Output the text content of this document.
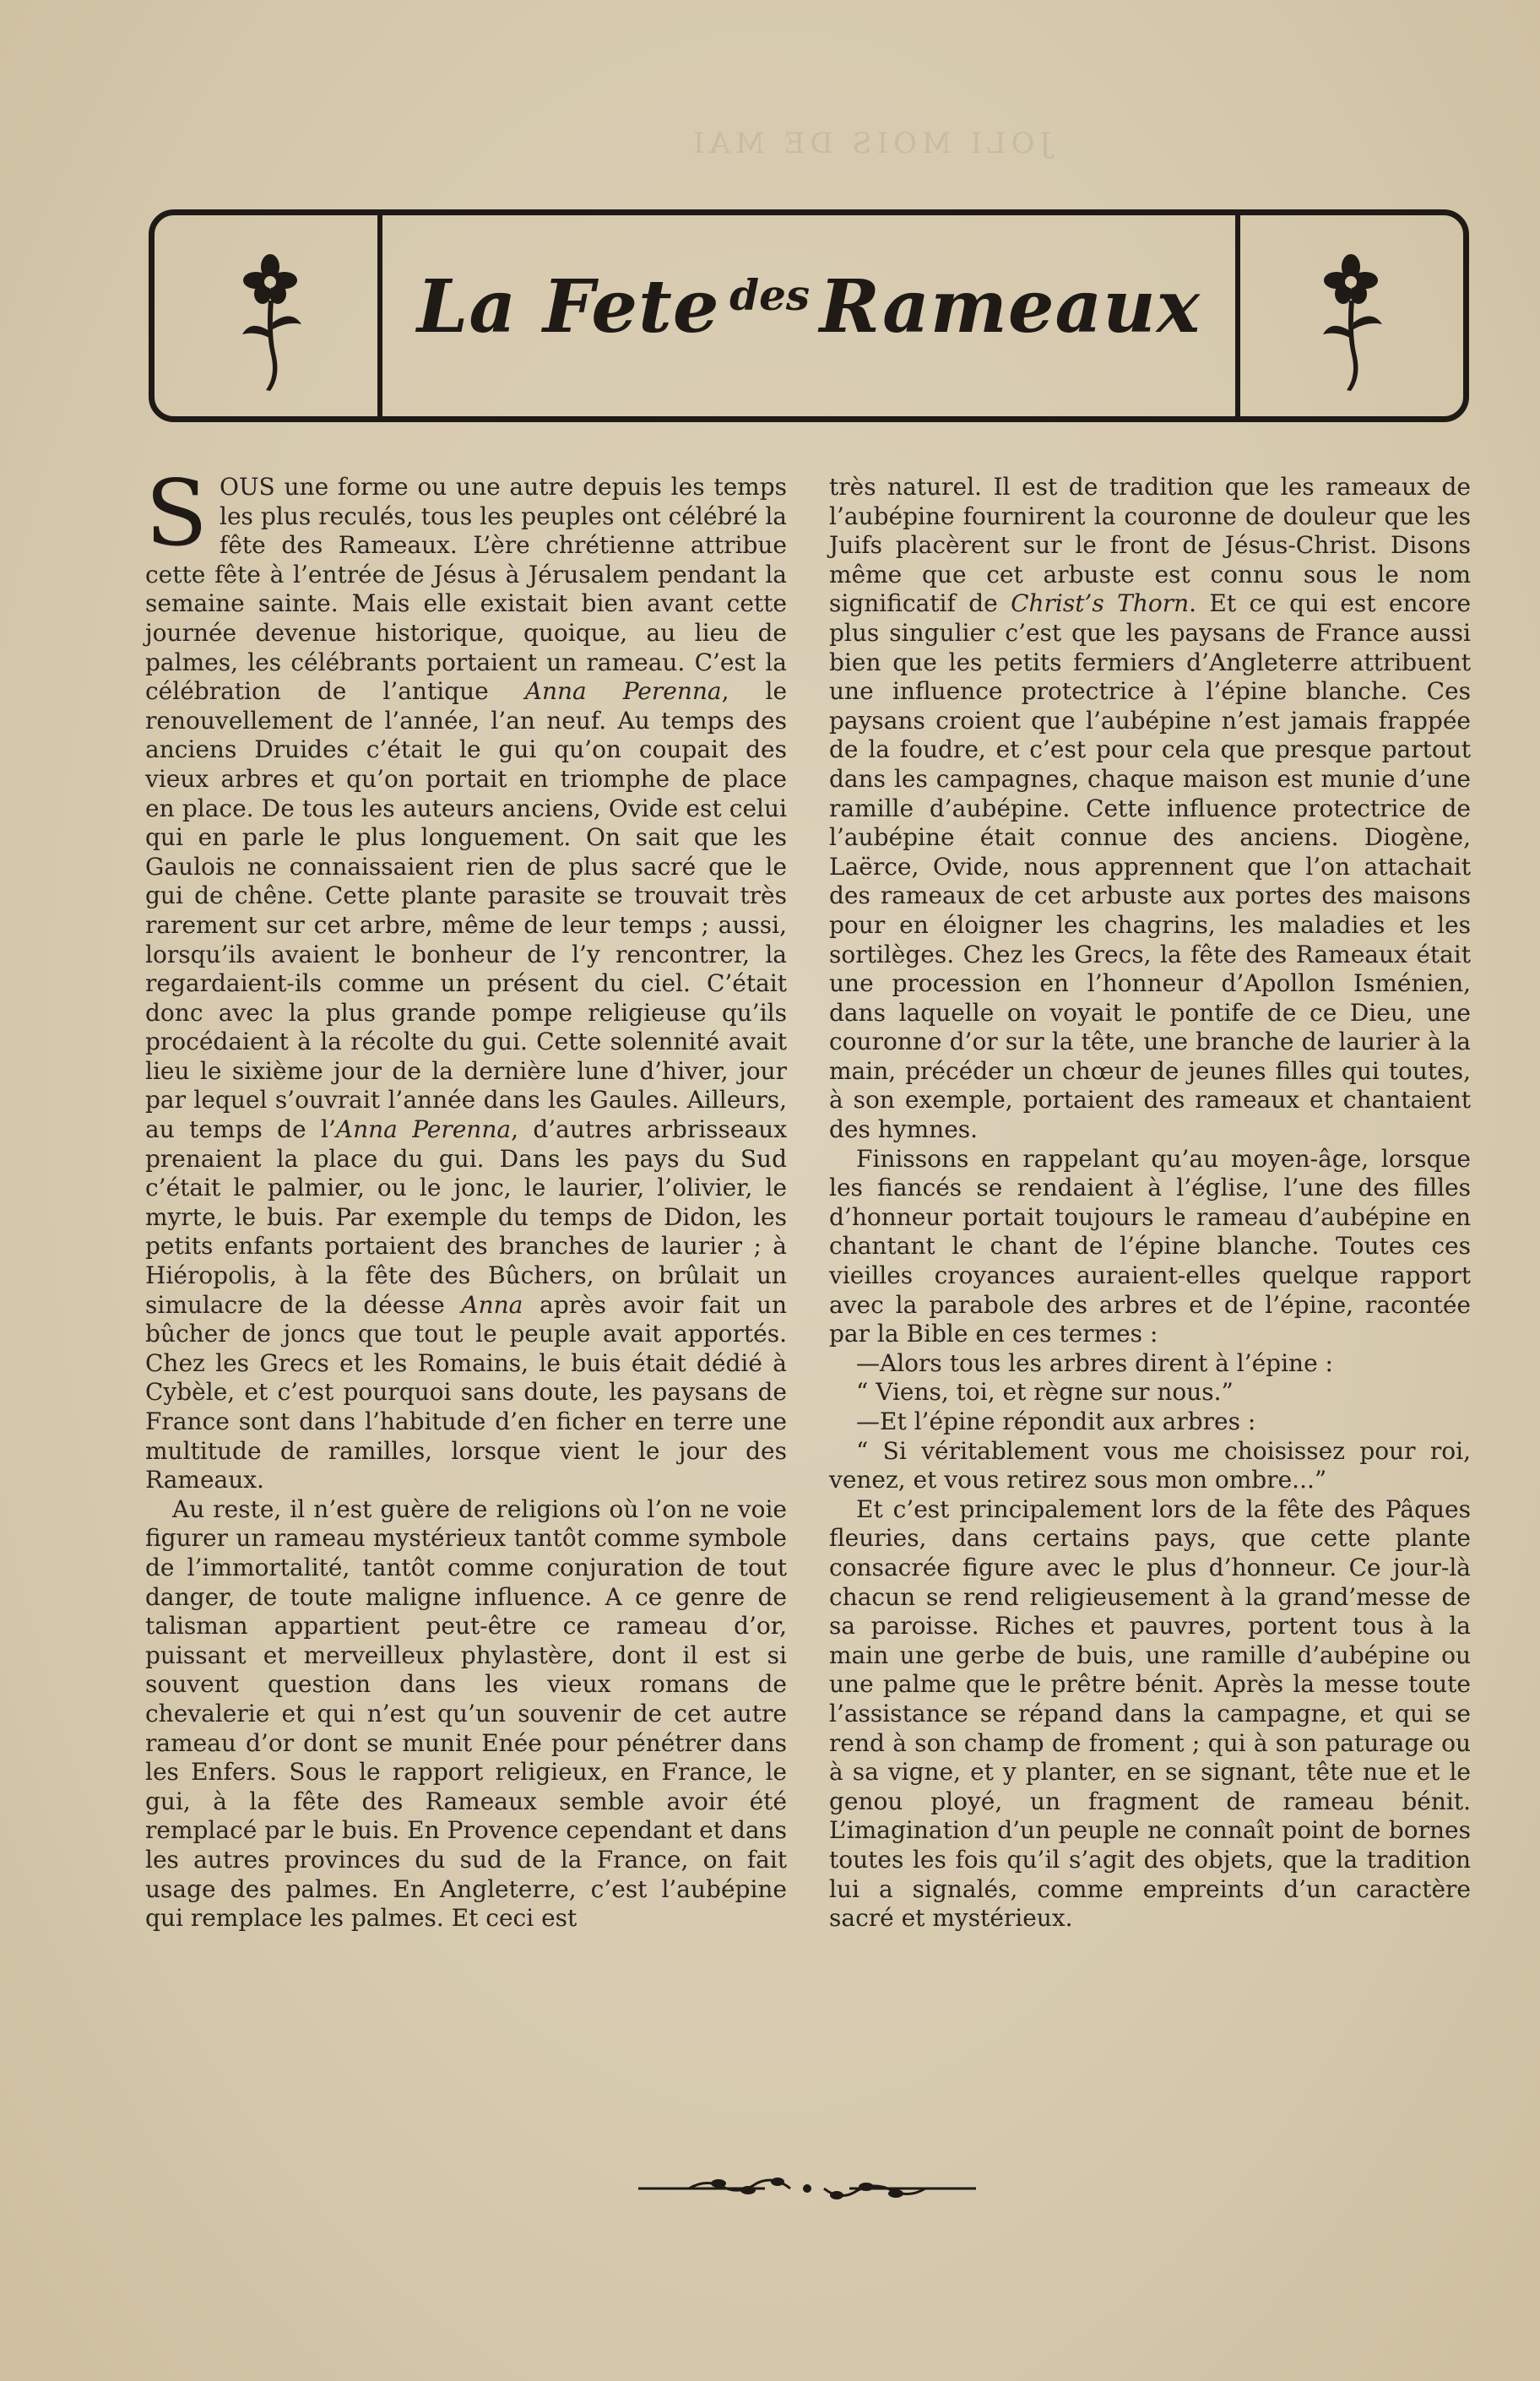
JOLI MOIS DE MAI
La Fete des Rameaux

SOUS une forme ou une autre depuis les temps les plus reculés, tous les peuples ont célébré la fête des Rameaux. L’ère chrétienne attribue cette fête à l’entrée de Jésus à Jérusalem pendant la semaine sainte. Mais elle existait bien avant cette journée devenue historique, quoique, au lieu de palmes, les célébrants portaient un rameau. C’est la célébration de l’antique Anna Perenna, le renouvellement de l’année, l’an neuf. Au temps des anciens Druides c’était le gui qu’on coupait des vieux arbres et qu’on portait en triomphe de place en place. De tous les auteurs anciens, Ovide est celui qui en parle le plus longuement. On sait que les Gaulois ne connaissaient rien de plus sacré que le gui de chêne. Cette plante parasite se trouvait très rarement sur cet arbre, même de leur temps ; aussi, lorsqu’ils avaient le bonheur de l’y rencontrer, la regardaient-ils comme un présent du ciel. C’était donc avec la plus grande pompe religieuse qu’ils procédaient à la récolte du gui. Cette solennité avait lieu le sixième jour de la dernière lune d’hiver, jour par lequel s’ouvrait l’année dans les Gaules. Ailleurs, au temps de l’Anna Perenna, d’autres arbrisseaux prenaient la place du gui. Dans les pays du Sud c’était le palmier, ou le jonc, le laurier, l’olivier, le myrte, le buis. Par exemple du temps de Didon, les petits enfants portaient des branches de laurier ; à Hiéropolis, à la fête des Bûchers, on brûlait un simulacre de la déesse Anna après avoir fait un bûcher de joncs que tout le peuple avait apportés. Chez les Grecs et les Romains, le buis était dédié à Cybèle, et c’est pourquoi sans doute, les paysans de France sont dans l’habitude d’en ficher en terre une multitude de ramilles, lorsque vient le jour des Rameaux.

Au reste, il n’est guère de religions où l’on ne voie figurer un rameau mystérieux tantôt comme symbole de l’immortalité, tantôt comme conjuration de tout danger, de toute maligne influence. A ce genre de talisman appartient peut-être ce rameau d’or, puissant et merveilleux phylastère, dont il est si souvent question dans les vieux romans de chevalerie et qui n’est qu’un souvenir de cet autre rameau d’or dont se munit Enée pour pénétrer dans les Enfers. Sous le rapport religieux, en France, le gui, à la fête des Rameaux semble avoir été remplacé par le buis. En Provence cependant et dans les autres provinces du sud de la France, on fait usage des palmes. En Angleterre, c’est l’aubépine qui remplace les palmes. Et ceci est

très naturel. Il est de tradition que les rameaux de l’aubépine fournirent la couronne de douleur que les Juifs placèrent sur le front de Jésus-Christ. Disons même que cet arbuste est connu sous le nom significatif de Christ’s Thorn. Et ce qui est encore plus singulier c’est que les paysans de France aussi bien que les petits fermiers d’Angleterre attribuent une influence protectrice à l’épine blanche. Ces paysans croient que l’aubépine n’est jamais frappée de la foudre, et c’est pour cela que presque partout dans les campagnes, chaque maison est munie d’une ramille d’aubépine. Cette influence protectrice de l’aubépine était connue des anciens. Diogène, Laërce, Ovide, nous apprennent que l’on attachait des rameaux de cet arbuste aux portes des maisons pour en éloigner les chagrins, les maladies et les sortilèges. Chez les Grecs, la fête des Rameaux était une procession en l’honneur d’Apollon Isménien, dans laquelle on voyait le pontife de ce Dieu, une couronne d’or sur la tête, une branche de laurier à la main, précéder un chœur de jeunes filles qui toutes, à son exemple, portaient des rameaux et chantaient des hymnes.

Finissons en rappelant qu’au moyen-âge, lorsque les fiancés se rendaient à l’église, l’une des filles d’honneur portait toujours le rameau d’aubépine en chantant le chant de l’épine blanche. Toutes ces vieilles croyances auraient-elles quelque rapport avec la parabole des arbres et de l’épine, racontée par la Bible en ces termes :

—Alors tous les arbres dirent à l’épine :

“ Viens, toi, et règne sur nous.”

—Et l’épine répondit aux arbres :

“ Si véritablement vous me choisissez pour roi, venez, et vous retirez sous mon ombre...”

Et c’est principalement lors de la fête des Pâques fleuries, dans certains pays, que cette plante consacrée figure avec le plus d’honneur. Ce jour-là chacun se rend religieusement à la grand’messe de sa paroisse. Riches et pauvres, portent tous à la main une gerbe de buis, une ramille d’aubépine ou une palme que le prêtre bénit. Après la messe toute l’assistance se répand dans la campagne, et qui se rend à son champ de froment ; qui à son paturage ou à sa vigne, et y planter, en se signant, tête nue et le genou ployé, un fragment de rameau bénit. L’imagination d’un peuple ne connaît point de bornes toutes les fois qu’il s’agit des objets, que la tradition lui a signalés, comme empreints d’un caractère sacré et mystérieux.
